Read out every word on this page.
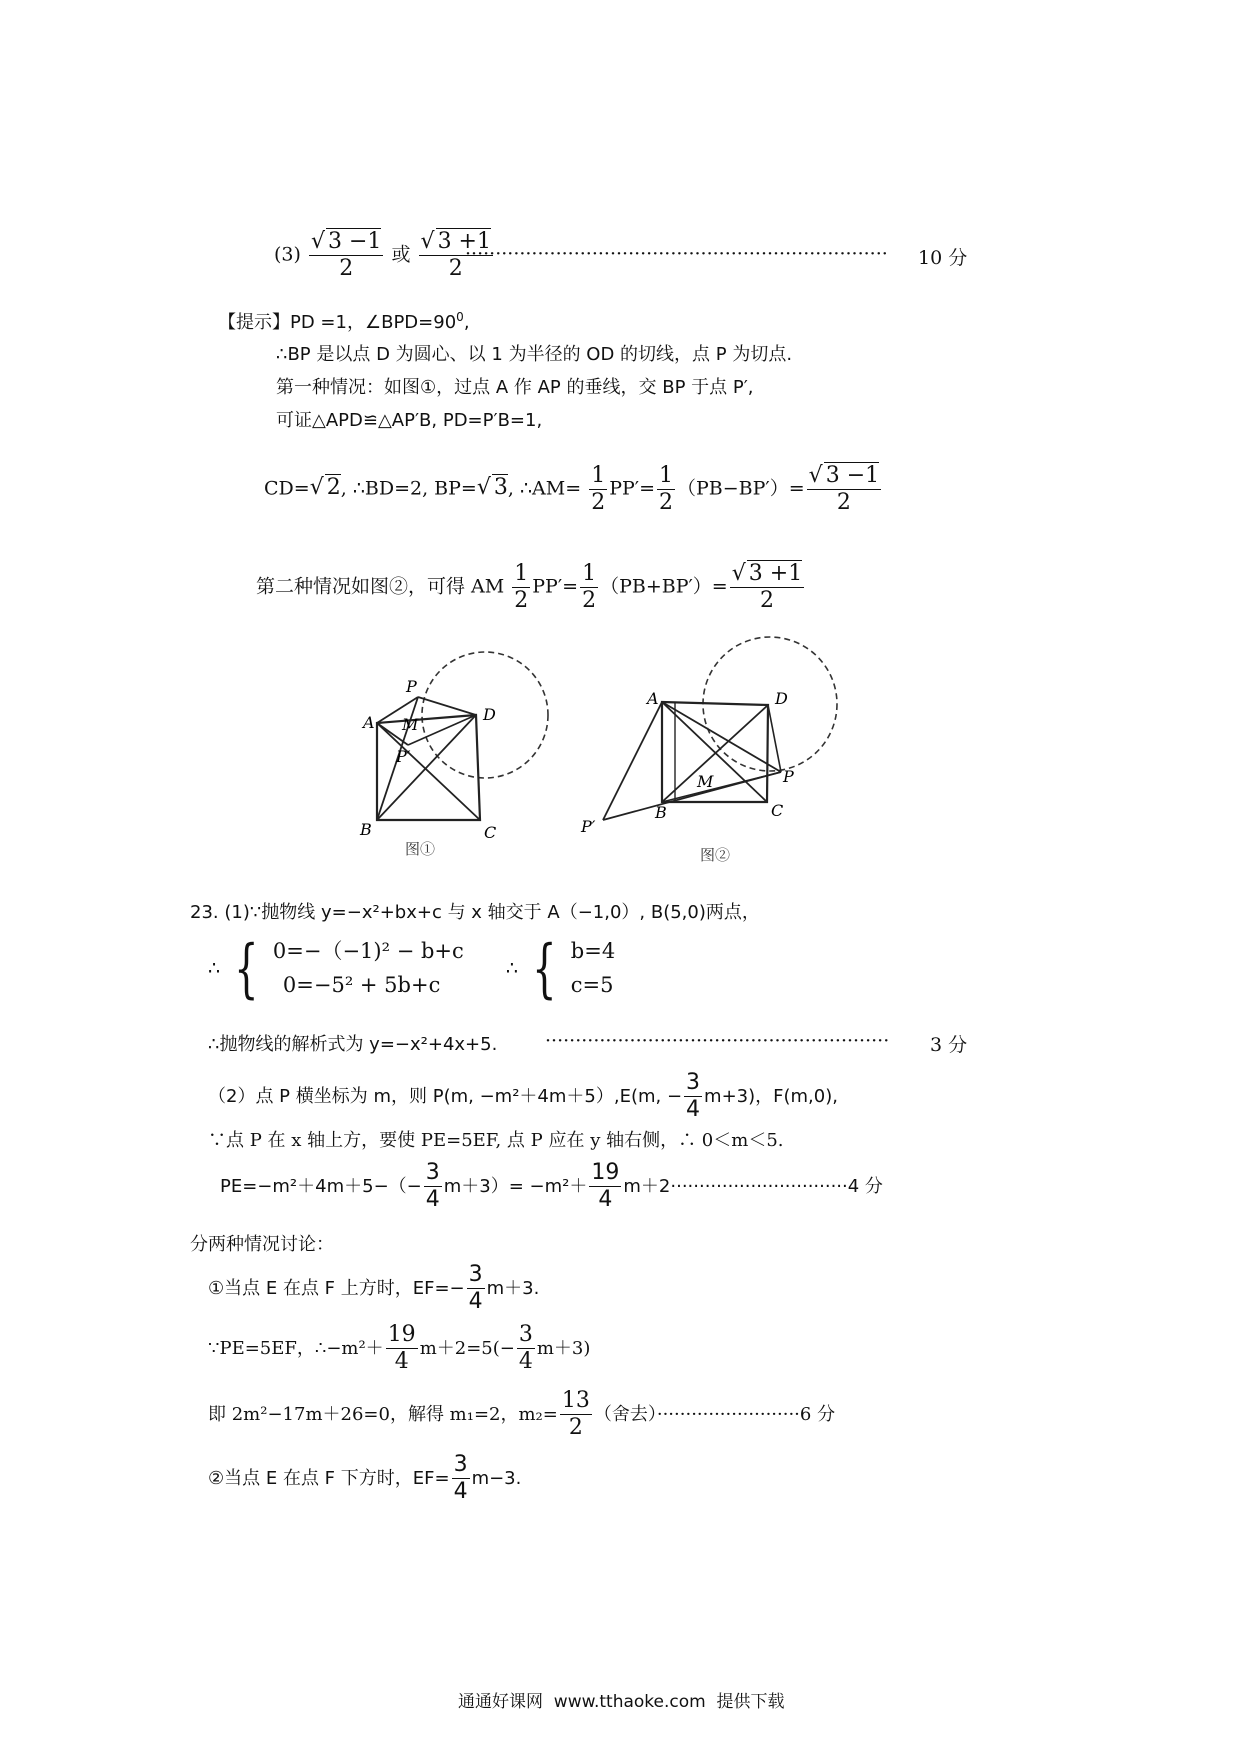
$(3) \frac{√ 3 -1}{2}$ 或 $\frac{√ 3 +1}{2}$
······································································ 10 分
【提示】PD =1，$\angle BPD=90^0$,
∴BP 是以点 D 为圆心、以 1 为半径的 OD 的切线，点 P 为切点.
第一种情况：如图①，过点 A 作 AP 的垂线，交 BP 于点 P′,
可证△APD≌△AP′B, PD=P′B=1,
CD=√ 2, ∴BD=2, BP=√ 3, ∴AM= $\frac{1}{2} PP'= \frac{1}{2} (PB-BP')= \frac{√ 3 -1}{2}$
第二种情况如图②，可得 AM $\frac{1}{2} PP'= \frac{1}{2} (PB+BP')= \frac{√ 3 +1}{2}$
A
P
M
P′
D
B	C
图①
A	D
M	P
B	C
P′
图②
23. (1)∵抛物线 y=−x²+bx+c 与 x 轴交于 A（−1,0）, B(5,0)两点，
∴ { 0=−（−1)² − b+c
0=−5² + 5b+c
∴ { b=4
c=5
∴抛物线的解析式为 y=−x²+4x+5.	························································· 3 分
（2）点 P 横坐标为 m，则 P(m, −m²＋4m＋5）,E(m, − $\frac{3}{4} m+3$)，F(m,0),
∵点 P 在 x 轴上方，要使 PE=5EF, 点 P 应在 y 轴右侧，∴ 0＜m＜5.
$PE=-m^2+4m+5-(- \frac{3}{4} m+3)= -m^2+ \frac{19}{4} m+2\cdot\cdot\cdot\cdot\cdot\cdot\cdot\cdot\cdot\cdot\cdot\cdot\cdot\cdot\cdot\cdot\cdot\cdot\cdot\cdot\cdot\cdot\cdot\cdot\cdot\cdot\cdot\cdot\cdot\cdot\cdot 4$ 分
分两种情况讨论：
①当点 E 在点 F 上方时，$EF=- \frac{3}{4} m+3$.
∵PE=5EF，∴−m²＋ $\frac{19}{4} m+2=5(- \frac{3}{4} m+3)$
即 2m²−17m＋26=0，解得 m₁=2，$m_2= \frac{13}{2}$ （舍去）·························6 分
②当点 E 在点 F 下方时，$EF= \frac{3}{4} m-3$.
通通好课网  www.tthaoke.com  提供下载
